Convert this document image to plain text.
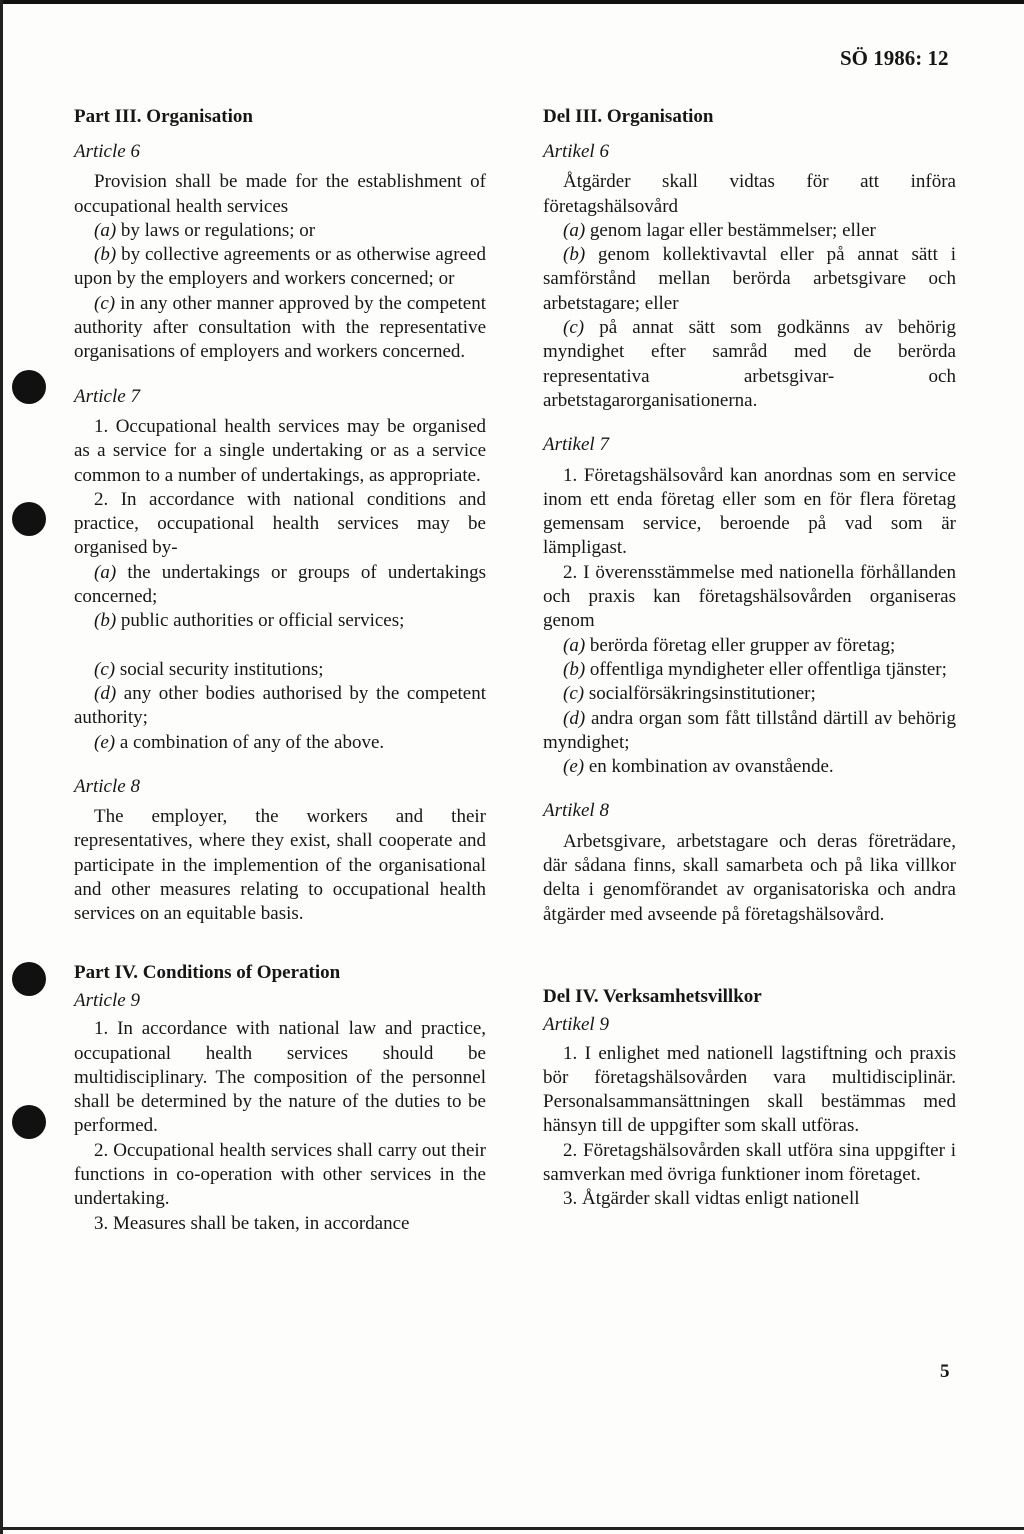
SÖ 1986: 12

Part III. Organisation

Article 6

Provision shall be made for the establishment of occupational health services

(a) by laws or regulations; or

(b) by collective agreements or as otherwise agreed upon by the employers and workers concerned; or

(c) in any other manner approved by the competent authority after consultation with the representative organisations of employers and workers concerned.

Article 7

1. Occupational health services may be organised as a service for a single undertaking or as a service common to a number of undertakings, as appropriate.

2. In accordance with national conditions and practice, occupational health services may be organised by-

(a) the undertakings or groups of undertakings concerned;

(b) public authorities or official services;

(c) social security institutions;

(d) any other bodies authorised by the competent authority;

(e) a combination of any of the above.

Article 8

The employer, the workers and their representatives, where they exist, shall cooperate and participate in the implemention of the organisational and other measures relating to occupational health services on an equitable basis.

Part IV. Conditions of Operation

Article 9

1. In accordance with national law and practice, occupational health services should be multidisciplinary. The composition of the personnel shall be determined by the nature of the duties to be performed.

2. Occupational health services shall carry out their functions in co-operation with other services in the undertaking.

3. Measures shall be taken, in accordance

Del III. Organisation

Artikel 6

Åtgärder skall vidtas för att införa företagshälsovård

(a) genom lagar eller bestämmelser; eller

(b) genom kollektivavtal eller på annat sätt i samförstånd mellan berörda arbetsgivare och arbetstagare; eller

(c) på annat sätt som godkänns av behörig myndighet efter samråd med de berörda representativa arbetsgivar- och arbetstagarorganisationerna.

Artikel 7

1. Företagshälsovård kan anordnas som en service inom ett enda företag eller som en för flera företag gemensam service, beroende på vad som är lämpligast.

2. I överensstämmelse med nationella förhållanden och praxis kan företagshälsovården organiseras genom

(a) berörda företag eller grupper av företag;

(b) offentliga myndigheter eller offentliga tjänster;

(c) socialförsäkringsinstitutioner;

(d) andra organ som fått tillstånd därtill av behörig myndighet;

(e) en kombination av ovanstående.

Artikel 8

Arbetsgivare, arbetstagare och deras företrädare, där sådana finns, skall samarbeta och på lika villkor delta i genomförandet av organisatoriska och andra åtgärder med avseende på företagshälsovård.

Del IV. Verksamhetsvillkor

Artikel 9

1. I enlighet med nationell lagstiftning och praxis bör företagshälsovården vara multidisciplinär. Personalsammansättningen skall bestämmas med hänsyn till de uppgifter som skall utföras.

2. Företagshälsovården skall utföra sina uppgifter i samverkan med övriga funktioner inom företaget.

3. Åtgärder skall vidtas enligt nationell

5
